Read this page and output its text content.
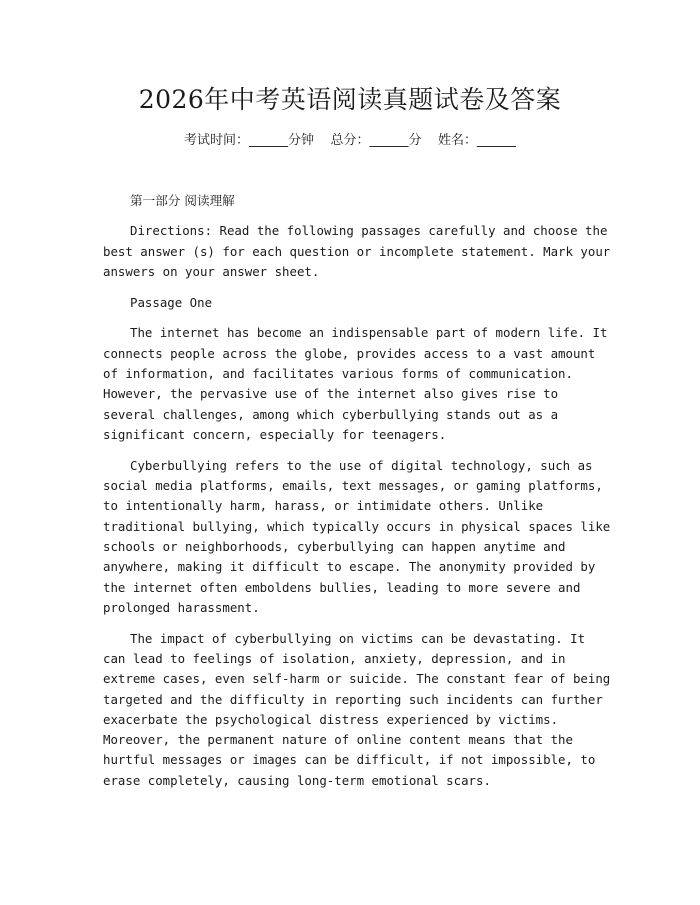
2026年中考英语阅读真题试卷及答案
考试时间：______分钟    总分：______分    姓名：______
第一部分 阅读理解

Directions: Read the following passages carefully and choose the best answer (s) for each question or incomplete statement. Mark your answers on your answer sheet.

Passage One

The internet has become an indispensable part of modern life. It connects people across the globe, provides access to a vast amount of information, and facilitates various forms of communication. However, the pervasive use of the internet also gives rise to several challenges, among which cyberbullying stands out as a significant concern, especially for teenagers.

Cyberbullying refers to the use of digital technology, such as social media platforms, emails, text messages, or gaming platforms, to intentionally harm, harass, or intimidate others. Unlike traditional bullying, which typically occurs in physical spaces like schools or neighborhoods, cyberbullying can happen anytime and anywhere, making it difficult to escape. The anonymity provided by the internet often emboldens bullies, leading to more severe and prolonged harassment.

The impact of cyberbullying on victims can be devastating. It can lead to feelings of isolation, anxiety, depression, and in extreme cases, even self-harm or suicide. The constant fear of being targeted and the difficulty in reporting such incidents can further exacerbate the psychological distress experienced by victims. Moreover, the permanent nature of online content means that the hurtful messages or images can be difficult, if not impossible, to erase completely, causing long-term emotional scars.
